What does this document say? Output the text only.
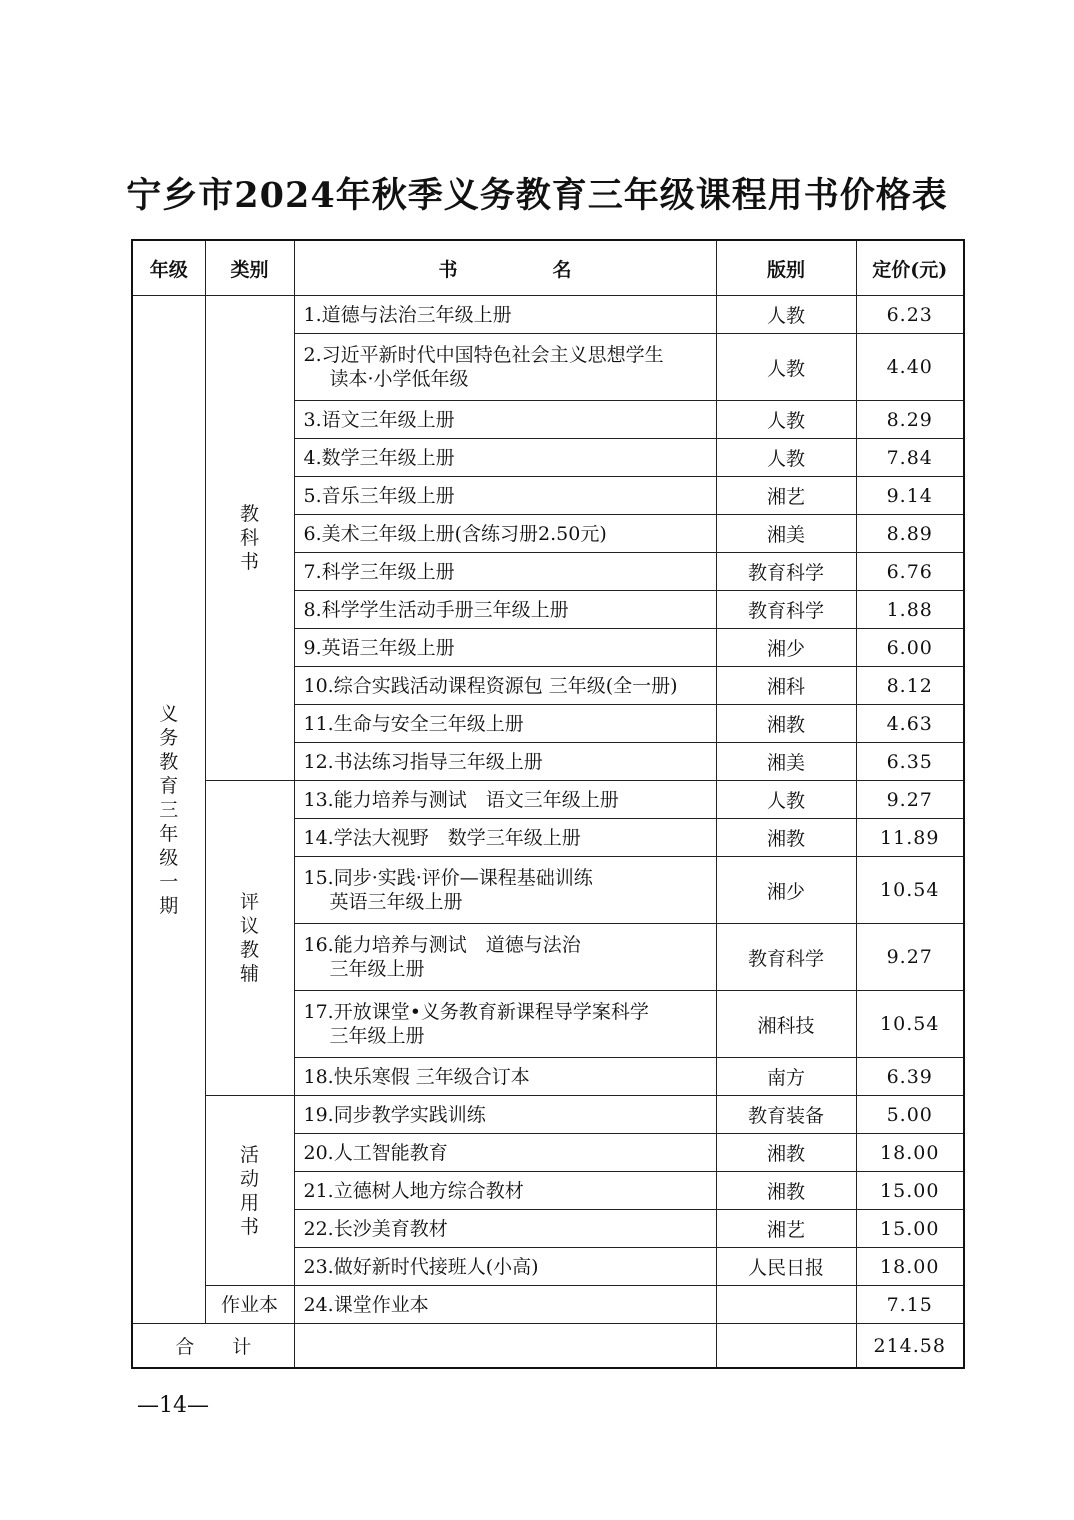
宁乡市2024年秋季义务教育三年级课程用书价格表
年级	类别	书　　　　　名	版别	定价(元)

义务教育三年级一期	教科书	1.道德与法治三年级上册	人教	6.23
		2.习近平新时代中国特色社会主义思想学生
读本·小学低年级	人教	4.40
		3.语文三年级上册	人教	8.29
		4.数学三年级上册	人教	7.84
		5.音乐三年级上册	湘艺	9.14
		6.美术三年级上册(含练习册2.50元)	湘美	8.89
		7.科学三年级上册	教育科学	6.76
		8.科学学生活动手册三年级上册	教育科学	1.88
		9.英语三年级上册	湘少	6.00
		10.综合实践活动课程资源包 三年级(全一册)	湘科	8.12
		11.生命与安全三年级上册	湘教	4.63
		12.书法练习指导三年级上册	湘美	6.35

	评议教辅	13.能力培养与测试　语文三年级上册	人教	9.27
		14.学法大视野　数学三年级上册	湘教	11.89
		15.同步·实践·评价—课程基础训练
英语三年级上册	湘少	10.54
		16.能力培养与测试　道德与法治
三年级上册	教育科学	9.27
		17.开放课堂•义务教育新课程导学案科学
三年级上册	湘科技	10.54
		18.快乐寒假 三年级合订本	南方	6.39

	活动用书	19.同步教学实践训练	教育装备	5.00
		20.人工智能教育	湘教	18.00
		21.立德树人地方综合教材	湘教	15.00
		22.长沙美育教材	湘艺	15.00
		23.做好新时代接班人(小高)	人民日报	18.00

	作业本	24.课堂作业本		7.15
合　　计				214.58
—14—
